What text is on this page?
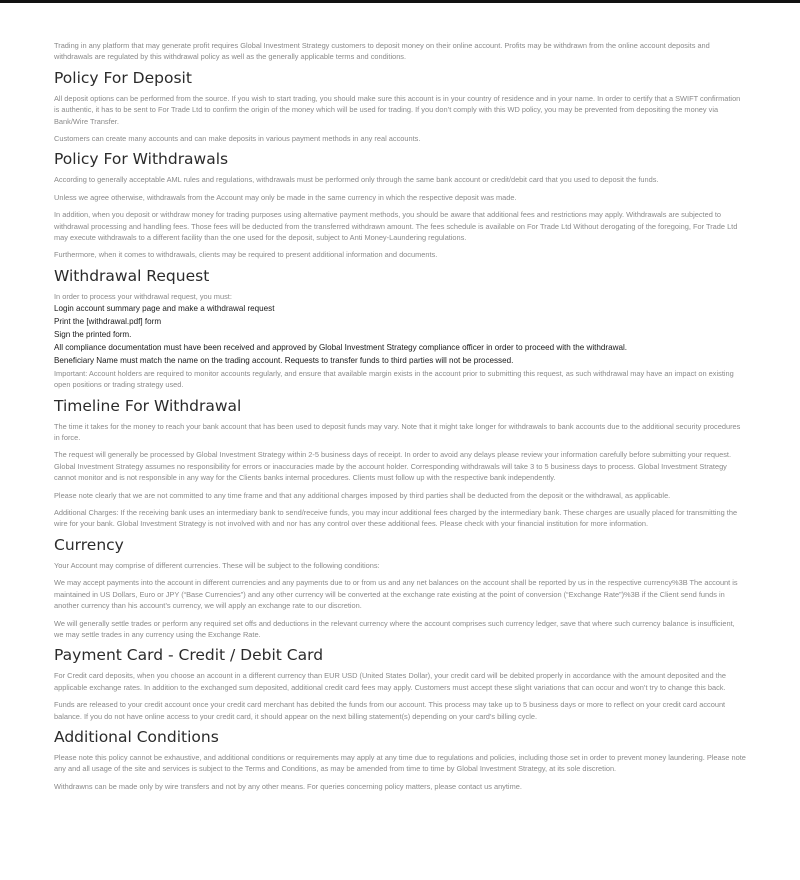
Trading in any platform that may generate profit requires Global Investment Strategy customers to deposit money on their online account. Profits may be withdrawn from the online account deposits and withdrawals are regulated by this withdrawal policy as well as the generally applicable terms and conditions.

Policy For Deposit

All deposit options can be performed from the source. If you wish to start trading, you should make sure this account is in your country of residence and in your name. In order to certify that a SWIFT confirmation is authentic, it has to be sent to For Trade Ltd to confirm the origin of the money which will be used for trading. If you don’t comply with this WD policy, you may be prevented from depositing the money via Bank/Wire Transfer.

Customers can create many accounts and can make deposits in various payment methods in any real accounts.

Policy For Withdrawals

According to generally acceptable AML rules and regulations, withdrawals must be performed only through the same bank account or credit/debit card that you used to deposit the funds.

Unless we agree otherwise, withdrawals from the Account may only be made in the same currency in which the respective deposit was made.

In addition, when you deposit or withdraw money for trading purposes using alternative payment methods, you should be aware that additional fees and restrictions may apply. Withdrawals are subjected to withdrawal processing and handling fees. Those fees will be deducted from the transferred withdrawn amount. The fees schedule is available on For Trade Ltd Without derogating of the foregoing, For Trade Ltd may execute withdrawals to a different facility than the one used for the deposit, subject to Anti Money-Laundering regulations.

Furthermore, when it comes to withdrawals, clients may be required to present additional information and documents.

Withdrawal Request

In order to process your withdrawal request, you must:

Login account summary page and make a withdrawal request
Print the [withdrawal.pdf] form
Sign the printed form.
All compliance documentation must have been received and approved by Global Investment Strategy compliance officer in order to proceed with the withdrawal.
Beneficiary Name must match the name on the trading account. Requests to transfer funds to third parties will not be processed.

Important: Account holders are required to monitor accounts regularly, and ensure that available margin exists in the account prior to submitting this request, as such withdrawal may have an impact on existing open positions or trading strategy used.

Timeline For Withdrawal

The time it takes for the money to reach your bank account that has been used to deposit funds may vary. Note that it might take longer for withdrawals to bank accounts due to the additional security procedures in force.

The request will generally be processed by Global Investment Strategy within 2-5 business days of receipt. In order to avoid any delays please review your information carefully before submitting your request. Global Investment Strategy assumes no responsibility for errors or inaccuracies made by the account holder. Corresponding withdrawals will take 3 to 5 business days to process. Global Investment Strategy cannot monitor and is not responsible in any way for the Clients banks internal procedures. Clients must follow up with the respective bank independently.

Please note clearly that we are not committed to any time frame and that any additional charges imposed by third parties shall be deducted from the deposit or the withdrawal, as applicable.

Additional Charges: If the receiving bank uses an intermediary bank to send/receive funds, you may incur additional fees charged by the intermediary bank. These charges are usually placed for transmitting the wire for your bank. Global Investment Strategy is not involved with and nor has any control over these additional fees. Please check with your financial institution for more information.

Currency

Your Account may comprise of different currencies. These will be subject to the following conditions:

We may accept payments into the account in different currencies and any payments due to or from us and any net balances on the account shall be reported by us in the respective currency%3B The account is maintained in US Dollars, Euro or JPY (“Base Currencies”) and any other currency will be converted at the exchange rate existing at the point of conversion (“Exchange Rate”)%3B if the Client send funds in another currency than his account’s currency, we will apply an exchange rate to our discretion.

We will generally settle trades or perform any required set offs and deductions in the relevant currency where the account comprises such currency ledger, save that where such currency balance is insufficient, we may settle trades in any currency using the Exchange Rate.

Payment Card - Credit / Debit Card

For Credit card deposits, when you choose an account in a different currency than EUR USD (United States Dollar), your credit card will be debited properly in accordance with the amount deposited and the applicable exchange rates. In addition to the exchanged sum deposited, additional credit card fees may apply. Customers must accept these slight variations that can occur and won’t try to change this back.

Funds are released to your credit account once your credit card merchant has debited the funds from our account. This process may take up to 5 business days or more to reflect on your credit card account balance. If you do not have online access to your credit card, it should appear on the next billing statement(s) depending on your card’s billing cycle.

Additional Conditions

Please note this policy cannot be exhaustive, and additional conditions or requirements may apply at any time due to regulations and policies, including those set in order to prevent money laundering. Please note any and all usage of the site and services is subject to the Terms and Conditions, as may be amended from time to time by Global Investment Strategy, at its sole discretion.

Withdrawns can be made only by wire transfers and not by any other means. For queries concerning policy matters, please contact us anytime.
